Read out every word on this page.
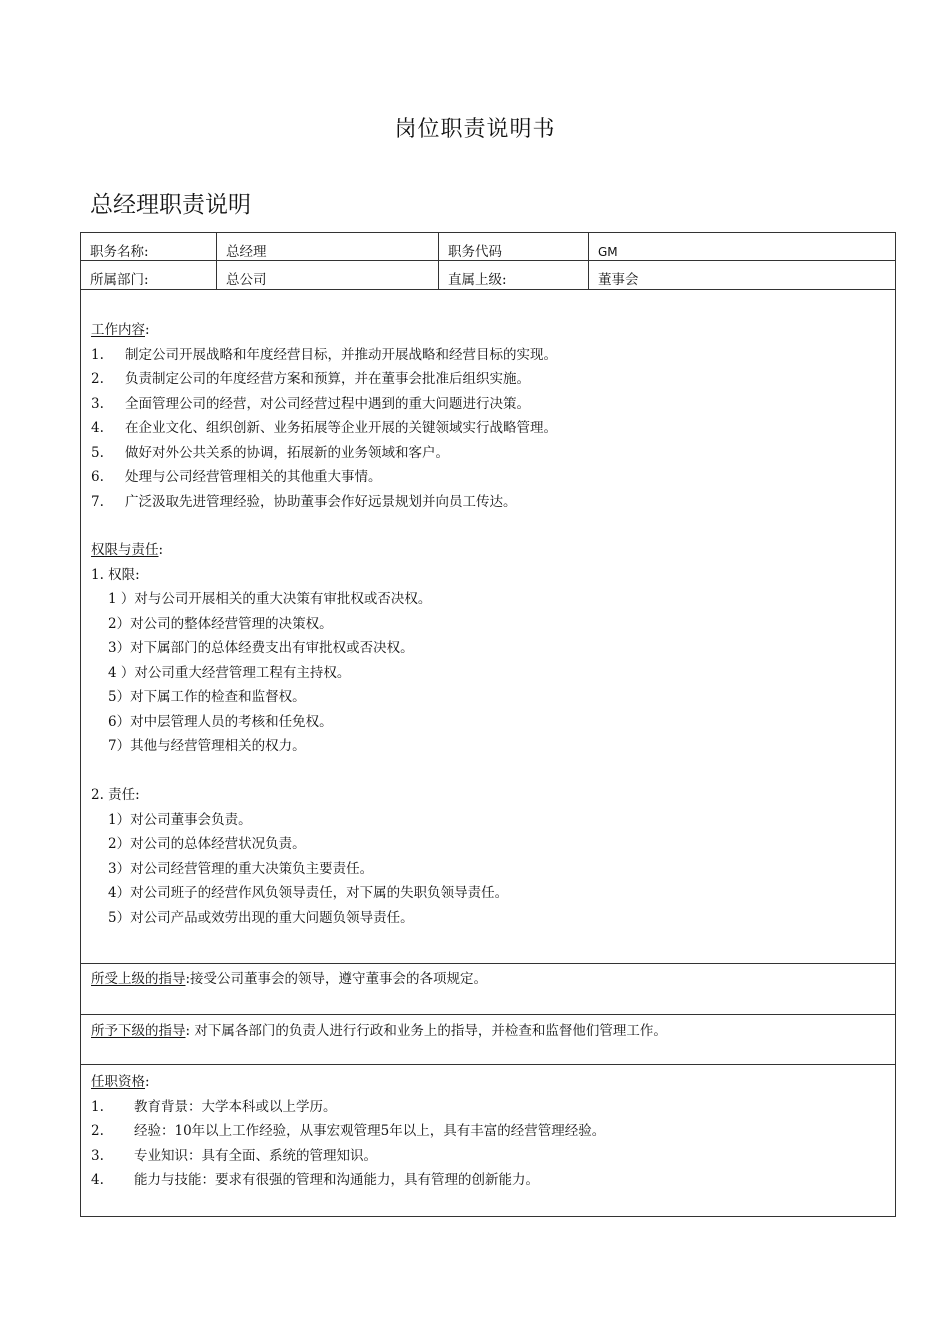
岗位职责说明书
总经理职责说明
职务名称:	总经理	职务代码	GM
所属部门:	总公司	直属上级:	董事会
工作内容:
1. 制定公司开展战略和年度经营目标，并推动开展战略和经营目标的实现。
2. 负责制定公司的年度经营方案和预算，并在董事会批准后组织实施。
3. 全面管理公司的经营，对公司经营过程中遇到的重大问题进行决策。
4. 在企业文化、组织创新、业务拓展等企业开展的关键领域实行战略管理。
5. 做好对外公共关系的协调，拓展新的业务领域和客户。
6. 处理与公司经营管理相关的其他重大事情。
7. 广泛汲取先进管理经验，协助董事会作好远景规划并向员工传达。
权限与责任:
1. 权限:
1 ）对与公司开展相关的重大决策有审批权或否决权。
2）对公司的整体经营管理的决策权。
3）对下属部门的总体经费支出有审批权或否决权。
4 ）对公司重大经营管理工程有主持权。
5）对下属工作的检查和监督权。
6）对中层管理人员的考核和任免权。
7）其他与经营管理相关的权力。
2. 责任:
1）对公司董事会负责。
2）对公司的总体经营状况负责。
3）对公司经营管理的重大决策负主要责任。
4）对公司班子的经营作风负领导责任，对下属的失职负领导责任。
5）对公司产品或效劳出现的重大问题负领导责任。
所受上级的指导:接受公司董事会的领导，遵守董事会的各项规定。
所予下级的指导: 对下属各部门的负责人进行行政和业务上的指导，并检查和监督他们管理工作。
任职资格:
1. 教育背景：大学本科或以上学历。
2. 经验：10年以上工作经验，从事宏观管理5年以上，具有丰富的经营管理经验。
3. 专业知识：具有全面、系统的管理知识。
4. 能力与技能：要求有很强的管理和沟通能力，具有管理的创新能力。
